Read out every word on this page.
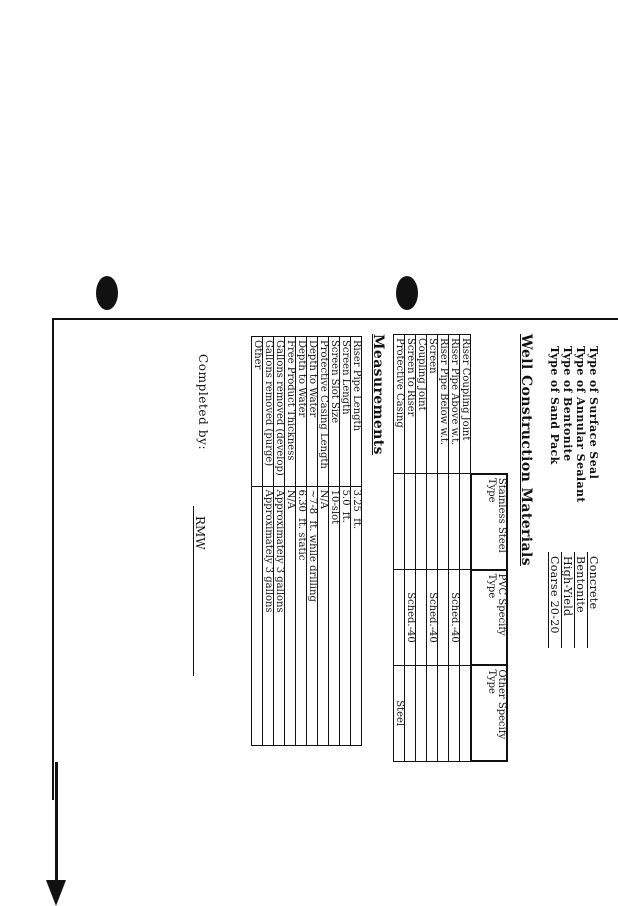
Type of Surface Seal
Concrete
Type of Annular Sealant
Bentonite
Type of Bentonite
High-Yield
Type of Sand Pack
Coarse 20-20
Well Construction Materials
	Stainless Steel Type	PVC Specify Type	Other Specify Type
Riser Coupling Joint			
Riser Pipe Above w.t.		Sched.-40	
Riser Pipe Below w.t.			
Screen		Sched.-40	
Coupling Joint			
Screen to Riser		Sched.-40	
Protective Casing			Steel
Measurements
Riser Pipe Length	3.25  ft.
Screen Length	5.0  ft.
Screen Slot Size	10-slot
Protective Casing Length	N/A
Depth to Water	~7-8  ft. while drilling
Depth to Water	6.30  ft. static
Free Product Thickness	N/A
Gallons removed (develop)	Approximately 3 gallons
Gallons removed (purge)	Approximately 3 gallons
Other	
Completed by:
RMW
